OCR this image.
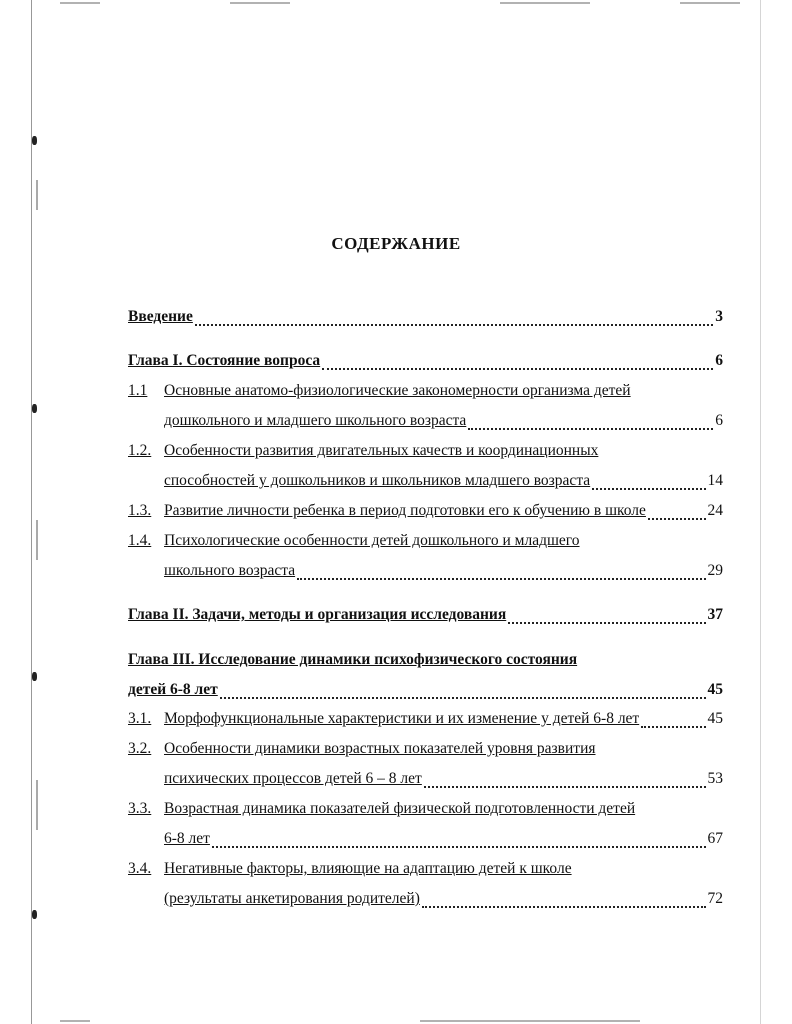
СОДЕРЖАНИЕ
Введение	3
Глава I. Состояние вопроса	6
1.1	Основные анатомо-физиологические закономерности организма детей
дошкольного и младшего школьного возраста	6
1.2. Особенности развития двигательных качеств и координационных
способностей у дошкольников и школьников младшего возраста	14
1.3. Развитие личности ребенка в период подготовки его к обучению в школе	24
1.4. Психологические особенности детей дошкольного и младшего
школьного возраста	29
Глава II. Задачи, методы и организация исследования	37
Глава III. Исследование динамики психофизического состояния
детей 6-8 лет	45
3.1. Морфофункциональные характеристики и их изменение у детей 6-8 лет	45
3.2. Особенности динамики возрастных показателей уровня развития
психических процессов детей 6 – 8 лет	53
3.3. Возрастная динамика показателей физической подготовленности детей
6-8 лет	67
3.4. Негативные факторы, влияющие на адаптацию детей к школе
(результаты анкетирования родителей)	72
